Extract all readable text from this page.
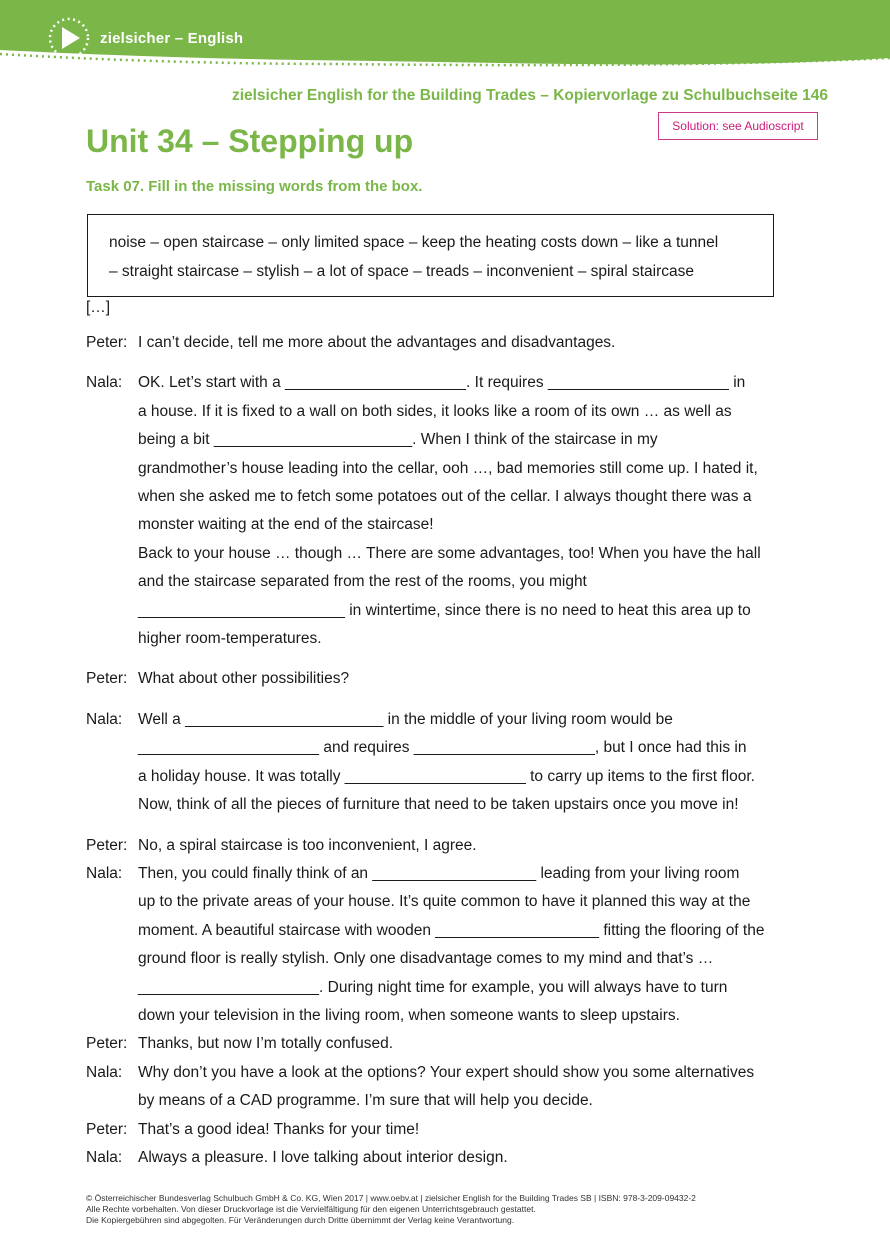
zielsicher – English
zielsicher English for the Building Trades – Kopiervorlage zu Schulbuchseite 146
Solution: see Audioscript
Unit 34 – Stepping up
Task 07. Fill in the missing words from the box.
noise – open staircase – only limited space – keep the heating costs down – like a tunnel
– straight staircase – stylish – a lot of space – treads – inconvenient – spiral staircase
[…]
Peter: I can’t decide, tell me more about the advantages and disadvantages.
Nala:	OK. Let’s start with a _____________________. It requires _____________________ in
a house. If it is fixed to a wall on both sides, it looks like a room of its own … as well as
being a bit _______________________. When I think of the staircase in my
grandmother’s house leading into the cellar, ooh …, bad memories still come up. I hated it,
when she asked me to fetch some potatoes out of the cellar. I always thought there was a
monster waiting at the end of the staircase!
Back to your house … though … There are some advantages, too! When you have the hall
and the staircase separated from the rest of the rooms, you might
________________________ in wintertime, since there is no need to heat this area up to
higher room-temperatures.
Peter: What about other possibilities?
Nala:	Well a _______________________ in the middle of your living room would be
_____________________ and requires _____________________, but I once had this in
a holiday house. It was totally _____________________ to carry up items to the first floor.
Now, think of all the pieces of furniture that need to be taken upstairs once you move in!
Peter: No, a spiral staircase is too inconvenient, I agree.
Nala:	Then, you could finally think of an ___________________ leading from your living room
up to the private areas of your house. It’s quite common to have it planned this way at the
moment. A beautiful staircase with wooden ___________________ fitting the flooring of the
ground floor is really stylish. Only one disadvantage comes to my mind and that’s …
_____________________. During night time for example, you will always have to turn
down your television in the living room, when someone wants to sleep upstairs.
Peter: Thanks, but now I’m totally confused.
Nala:	Why don’t you have a look at the options? Your expert should show you some alternatives
by means of a CAD programme. I’m sure that will help you decide.
Peter: That’s a good idea! Thanks for your time!
Nala:	Always a pleasure. I love talking about interior design.
© Österreichischer Bundesverlag Schulbuch GmbH & Co. KG, Wien 2017 | www.oebv.at | zielsicher English for the Building Trades SB | ISBN: 978-3-209-09432-2
Alle Rechte vorbehalten. Von dieser Druckvorlage ist die Vervielfältigung für den eigenen Unterrichtsgebrauch gestattet.
Die Kopiergebühren sind abgegolten. Für Veränderungen durch Dritte übernimmt der Verlag keine Verantwortung.
